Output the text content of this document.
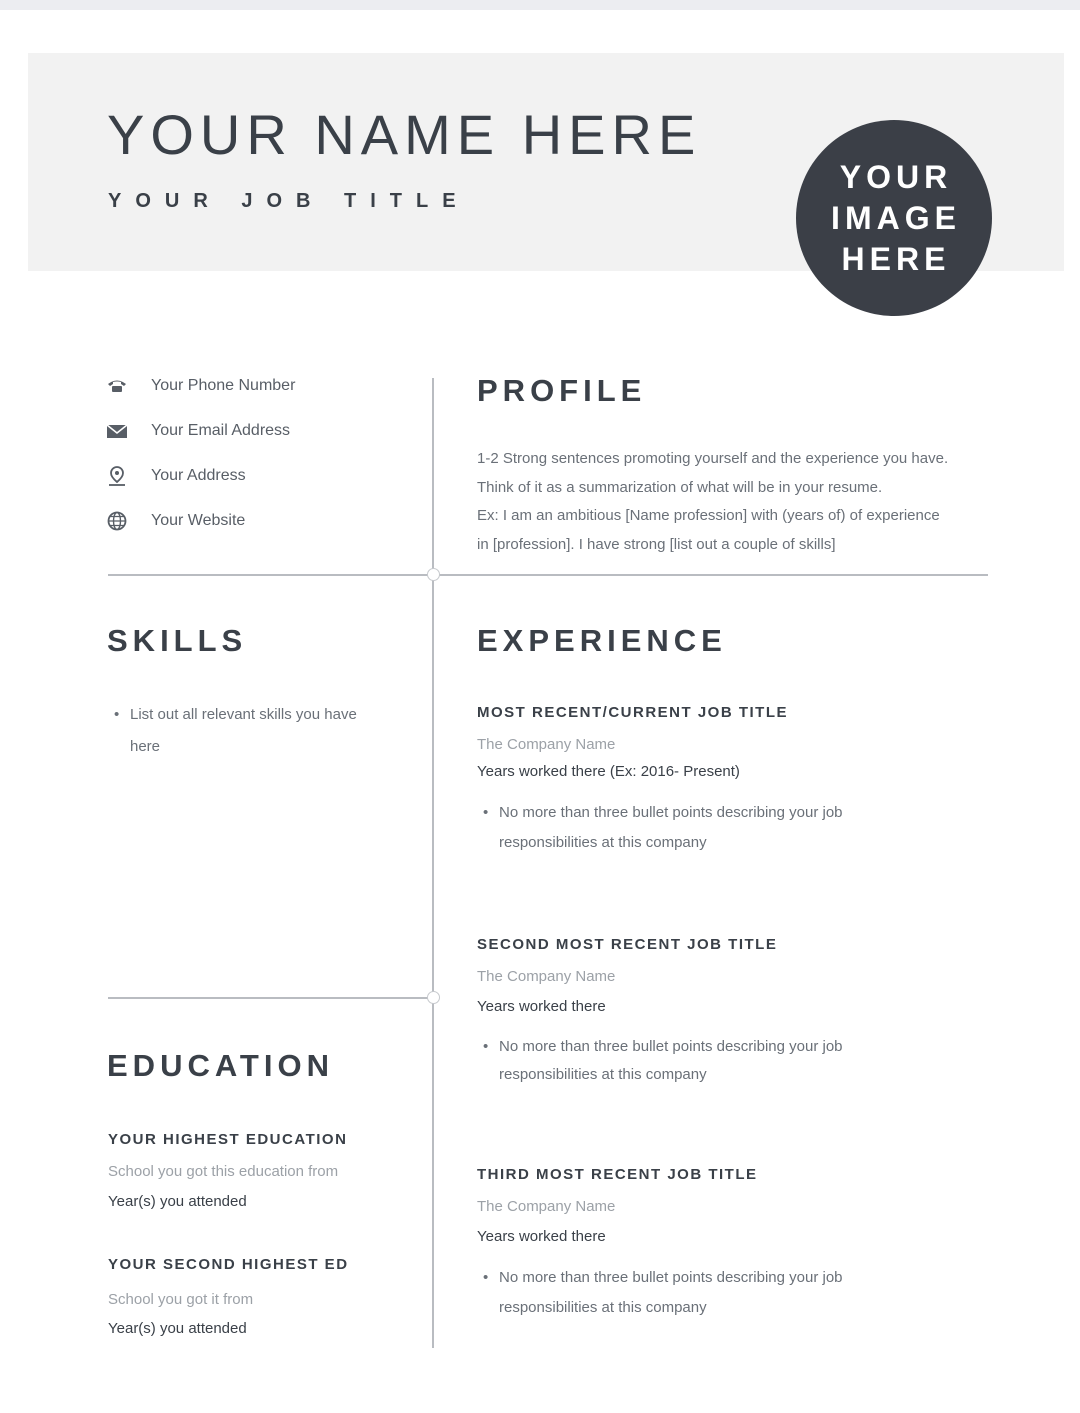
YOUR NAME HERE
YOUR JOB TITLE
YOUR
IMAGE
HERE
Your Phone Number
Your Email Address
Your Address
Your Website
PROFILE
1-2 Strong sentences promoting yourself and the experience you have.
Think of it as a summarization of what will be in your resume.
Ex: I am an ambitious [Name profession] with (years of) of experience
in [profession]. I have strong [list out a couple of skills]
SKILLS
• List out all relevant skills you have
here
EXPERIENCE
MOST RECENT/CURRENT JOB TITLE
The Company Name
Years worked there (Ex: 2016- Present)
• No more than three bullet points describing your job
responsibilities at this company
SECOND MOST RECENT JOB TITLE
The Company Name
Years worked there
• No more than three bullet points describing your job
responsibilities at this company
THIRD MOST RECENT JOB TITLE
The Company Name
Years worked there
• No more than three bullet points describing your job
responsibilities at this company
EDUCATION
YOUR HIGHEST EDUCATION
School you got this education from
Year(s) you attended
YOUR SECOND HIGHEST ED
School you got it from
Year(s) you attended
